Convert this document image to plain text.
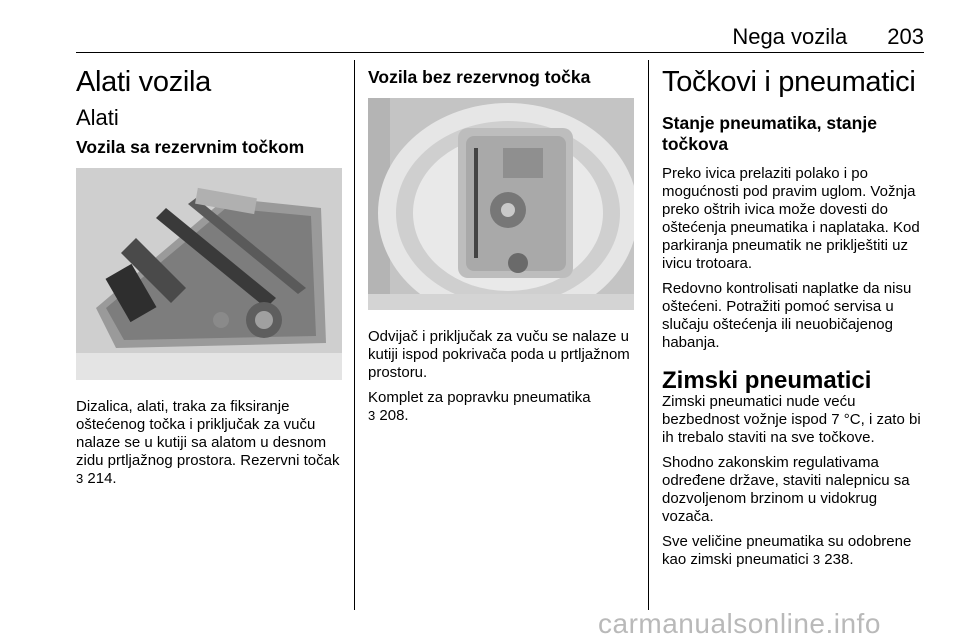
Nega vozila 203
Alati vozila
Alati
Vozila sa rezervnim točkom

Dizalica, alati, traka za fiksiranje oštećenog točka i priključak za vuču nalaze se u kutiji sa alatom u desnom zidu prtljažnog prostora. Rezervni točak 3 214.

Vozila bez rezervnog točka

Odvijač i priključak za vuču se nalaze u kutiji ispod pokrivača poda u prtljažnom prostoru.

Komplet za popravku pneumatika
3 208.

Točkovi i pneumatici
Stanje pneumatika, stanje točkova

Preko ivica prelaziti polako i po mogućnosti pod pravim uglom. Vožnja preko oštrih ivica može dovesti do oštećenja pneumatika i naplataka. Kod parkiranja pneumatik ne priklještiti uz ivicu trotoara.

Redovno kontrolisati naplatke da nisu oštećeni. Potražiti pomoć servisa u slučaju oštećenja ili neuobičajenog habanja.

Zimski pneumatici

Zimski pneumatici nude veću bezbednost vožnje ispod 7 °C, i zato bi ih trebalo staviti na sve točkove.

Shodno zakonskim regulativama određene države, staviti nalepnicu sa dozvoljenom brzinom u vidokrug vozača.

Sve veličine pneumatika su odobrene kao zimski pneumatici 3 238.

carmanualsonline.info
